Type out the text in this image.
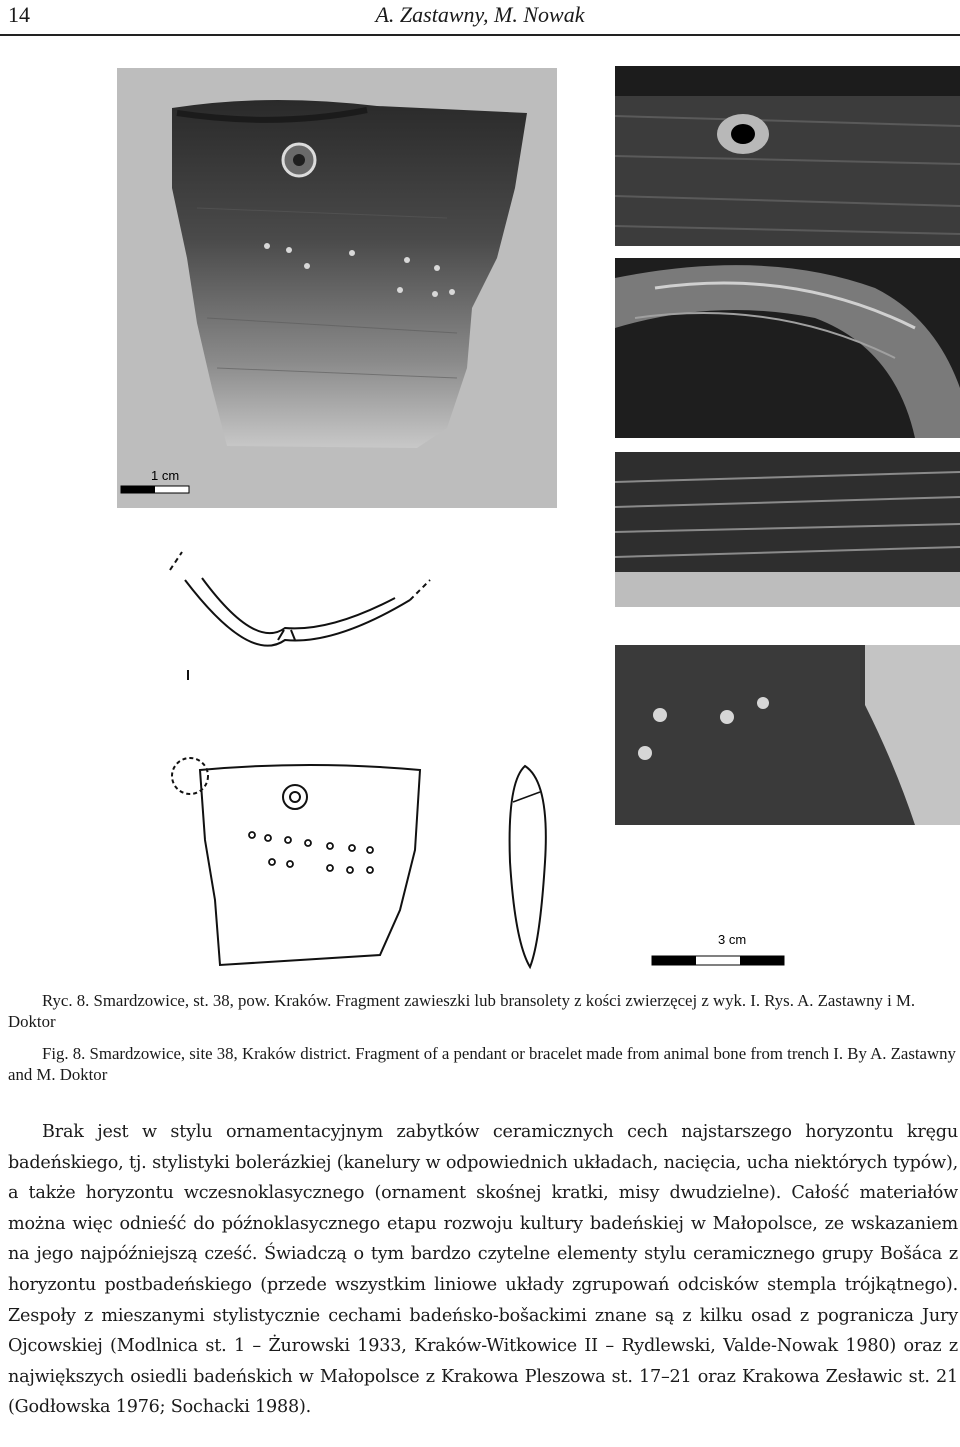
14	A. Zastawny, M. Nowak
1 cm
3 cm

Ryc. 8. Smardzowice, st. 38, pow. Kraków. Fragment zawieszki lub bransolety z kości zwierzęcej z wyk. I. Rys. A. Zastawny i M. Doktor

Fig. 8. Smardzowice, site 38, Kraków district. Fragment of a pendant or bracelet made from animal bone from trench I. By A. Zastawny and M. Doktor

Brak jest w stylu ornamentacyjnym zabytków ceramicznych cech najstarszego horyzontu kręgu badeńskiego, tj. stylistyki bolerázkiej (kanelury w odpowiednich układach, nacięcia, ucha niektórych typów), a także horyzontu wczesnoklasycznego (ornament skośnej kratki, misy dwudzielne). Całość materiałów można więc odnieść do późnoklasycznego etapu rozwoju kultury badeńskiej w Małopolsce, ze wskazaniem na jego najpóźniejszą cześć. Świadczą o tym bardzo czytelne elementy stylu ceramicznego grupy Bošáca z horyzontu postbadeńskiego (przede wszystkim liniowe układy zgrupowań odcisków stempla trójkątnego). Zespoły z mieszanymi stylistycznie cechami badeńsko-bošackimi znane są z kilku osad z pogranicza Jury Ojcowskiej (Modlnica st. 1 – Żurowski 1933, Kraków-Witkowice II – Rydlewski, Valde-Nowak 1980) oraz z największych osiedli badeńskich w Małopolsce z Krakowa Pleszowa st. 17–21 oraz Krakowa Zesławic st. 21 (Godłowska 1976; Sochacki 1988).
